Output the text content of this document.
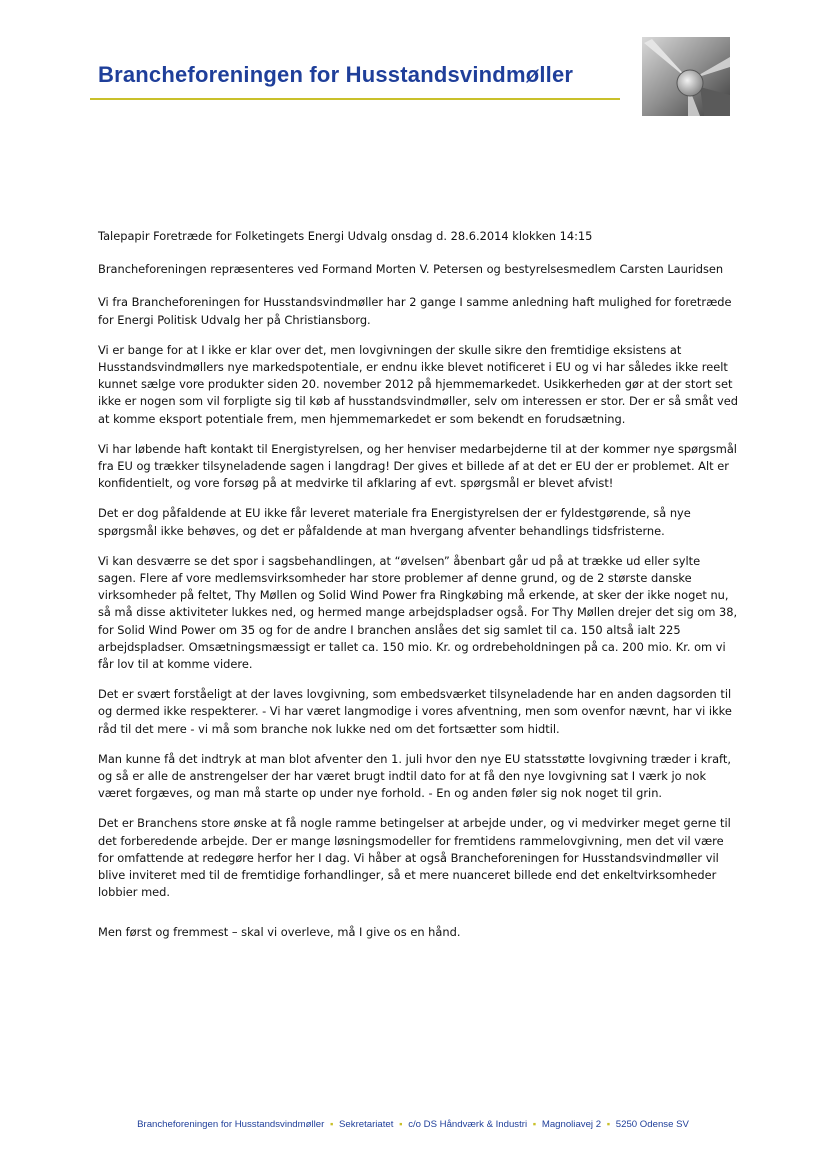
Brancheforeningen for Husstandsvindmøller

Talepapir Foretræde for Folketingets Energi Udvalg onsdag d. 28.6.2014 klokken 14:15

Brancheforeningen repræsenteres ved Formand Morten V. Petersen og bestyrelsesmedlem Carsten Lauridsen

Vi fra Brancheforeningen for Husstandsvindmøller har 2 gange I samme anledning haft mulighed for foretræde for Energi Politisk Udvalg her på Christiansborg.

Vi er bange for at I ikke er klar over det, men lovgivningen der skulle sikre den fremtidige eksistens at Husstandsvindmøllers nye markedspotentiale, er endnu ikke blevet notificeret i EU og vi har således ikke reelt kunnet sælge vore produkter siden 20. november 2012 på hjemmemarkedet. Usikkerheden gør at der stort set ikke er nogen som vil forpligte sig til køb af husstandsvindmøller, selv om interessen er stor. Der er så småt ved at komme eksport potentiale frem, men hjemmemarkedet er som bekendt en forudsætning.

Vi har løbende haft kontakt til Energistyrelsen, og her henviser medarbejderne til at der kommer nye spørgsmål fra EU og trækker tilsyneladende sagen i langdrag! Der gives et billede af at det er EU der er problemet. Alt er konfidentielt, og vore forsøg på at medvirke til afklaring af evt. spørgsmål er blevet afvist!

Det er dog påfaldende at EU ikke får leveret materiale fra Energistyrelsen der er fyldestgørende, så nye spørgsmål ikke behøves, og det er påfaldende at man hvergang afventer behandlings tidsfristerne.

Vi kan desværre se det spor i sagsbehandlingen, at “øvelsen” åbenbart går ud på at trække ud eller sylte sagen. Flere af vore medlemsvirksomheder har store problemer af denne grund, og de 2 største danske virksomheder på feltet, Thy Møllen og Solid Wind Power fra Ringkøbing må erkende, at sker der ikke noget nu, så må disse aktiviteter lukkes ned, og hermed mange arbejdspladser også. For Thy Møllen drejer det sig om 38, for Solid Wind Power om 35 og for de andre I branchen anslåes det sig samlet til ca. 150 altså ialt 225 arbejdspladser. Omsætningsmæssigt er tallet ca. 150 mio. Kr. og ordrebeholdningen på ca. 200 mio. Kr. om vi får lov til at komme videre.

Det er svært forståeligt at der laves lovgivning, som embedsværket tilsyneladende har en anden dagsorden til og dermed ikke respekterer. - Vi har været langmodige i vores afventning, men som ovenfor nævnt, har vi ikke råd til det mere - vi må som branche nok lukke ned om det fortsætter som hidtil.

Man kunne få det indtryk at man blot afventer den 1. juli hvor den nye EU statsstøtte lovgivning træder i kraft, og så er alle de anstrengelser der har været brugt indtil dato for at få den nye lovgivning sat I værk jo nok været forgæves, og man må starte op under nye forhold. - En og anden føler sig nok noget til grin.

Det er Branchens store ønske at få nogle ramme betingelser at arbejde under, og vi medvirker meget gerne til det forberedende arbejde. Der er mange løsningsmodeller for fremtidens rammelovgivning, men det vil være for omfattende at redegøre herfor her I dag. Vi håber at også Brancheforeningen for Husstandsvindmøller vil blive inviteret med til de fremtidige forhandlinger, så et mere nuanceret billede end det enkeltvirksomheder lobbier med.

Men først og fremmest – skal vi overleve, må I give os en hånd.

Brancheforeningen for Husstandsvindmøller ▪ Sekretariatet ▪ c/o DS Håndværk & Industri ▪ Magnoliavej 2 ▪ 5250 Odense SV
